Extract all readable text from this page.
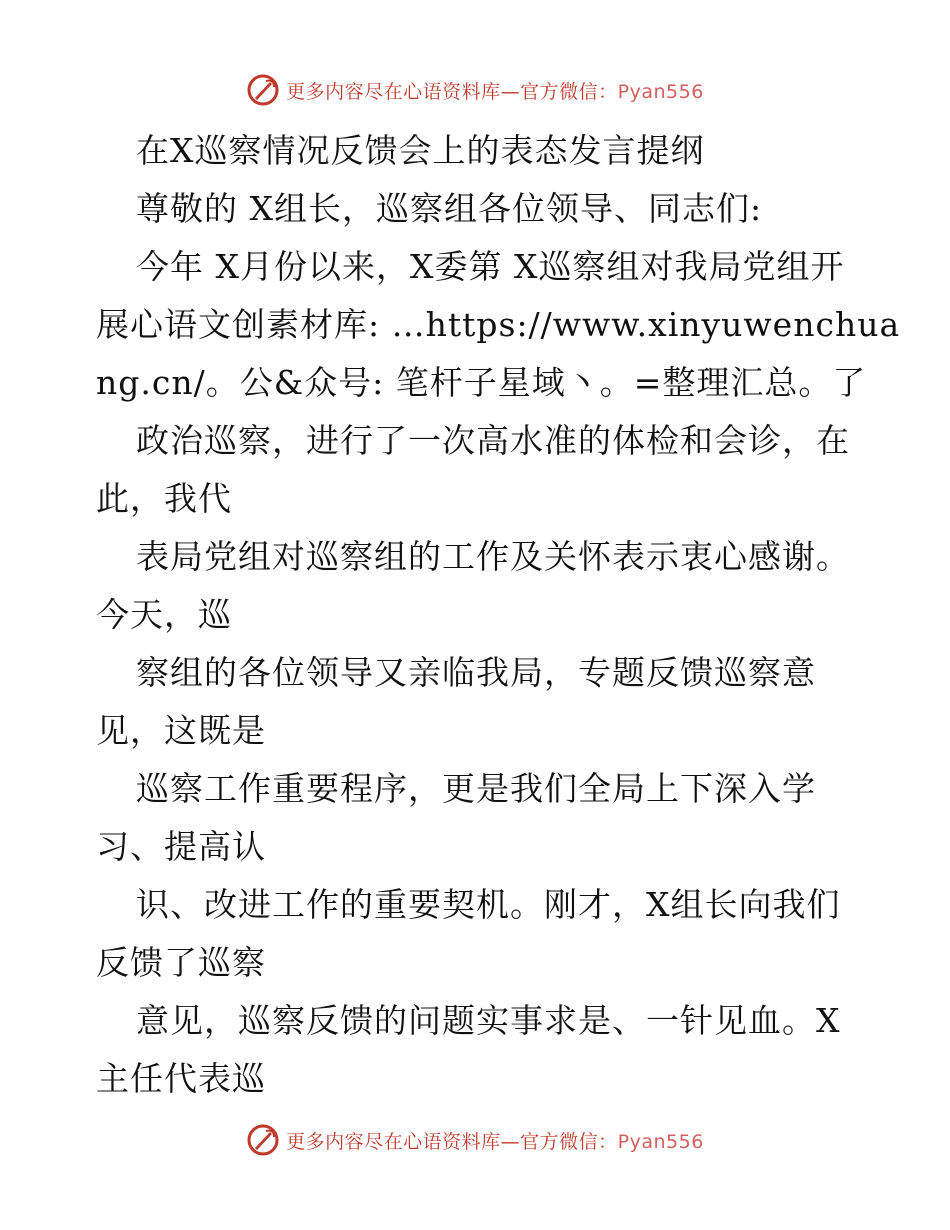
更多内容尽在心语资料库—官方微信：Pyan556
在X巡察情况反馈会上的表态发言提纲
尊敬的 X组长，巡察组各位领导、同志们:
今年 X月份以来，X委第 X巡察组对我局党组开
展心语文创素材库: …https://www.xinyuwenchua
ng.cn/。公&众号: 笔杆子星域丶。=整理汇总。了
政治巡察，进行了一次高水准的体检和会诊，在
此，我代
表局党组对巡察组的工作及关怀表示衷心感谢。
今天，巡
察组的各位领导又亲临我局，专题反馈巡察意
见，这既是
巡察工作重要程序，更是我们全局上下深入学
习、提高认
识、改进工作的重要契机。刚才，X组长向我们
反馈了巡察
意见，巡察反馈的问题实事求是、一针见血。X
主任代表巡
更多内容尽在心语资料库—官方微信：Pyan556
